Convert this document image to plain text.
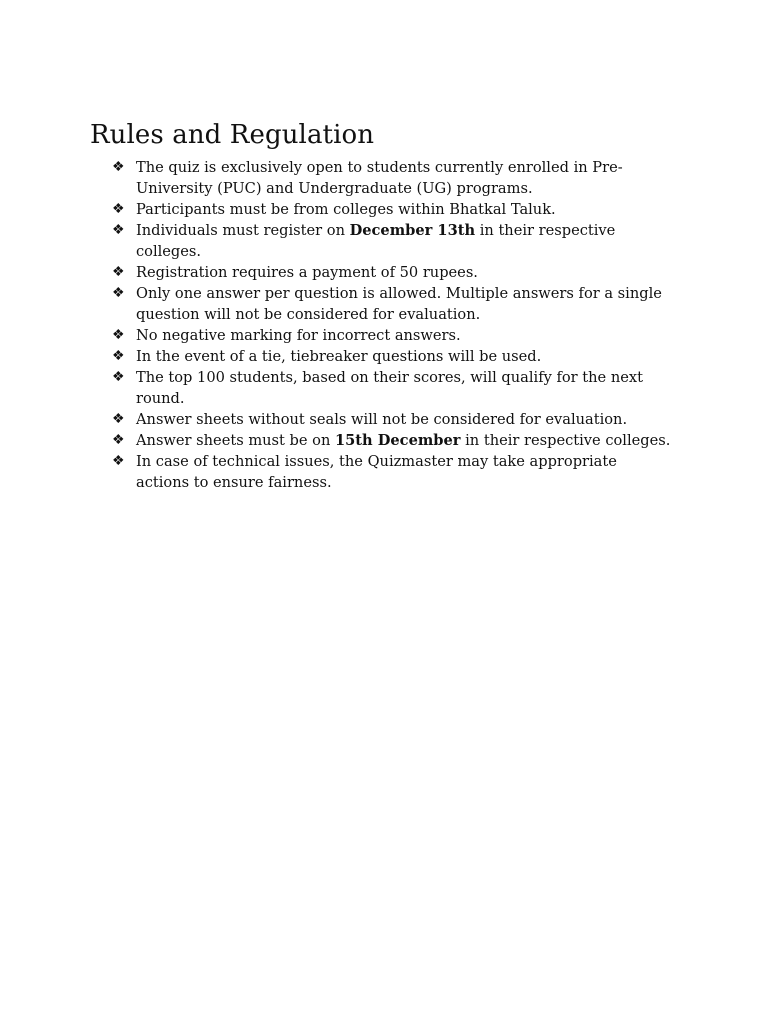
Rules and Regulation
❖ The quiz is exclusively open to students currently enrolled in Pre-University (PUC) and Undergraduate (UG) programs.
❖ Participants must be from colleges within Bhatkal Taluk.
❖ Individuals must register on December 13th in their respective colleges.
❖ Registration requires a payment of 50 rupees.
❖ Only one answer per question is allowed. Multiple answers for a single question will not be considered for evaluation.
❖ No negative marking for incorrect answers.
❖ In the event of a tie, tiebreaker questions will be used.
❖ The top 100 students, based on their scores, will qualify for the next round.
❖ Answer sheets without seals will not be considered for evaluation.
❖ Answer sheets must be on 15th December in their respective colleges.
❖ In case of technical issues, the Quizmaster may take appropriate actions to ensure fairness.
